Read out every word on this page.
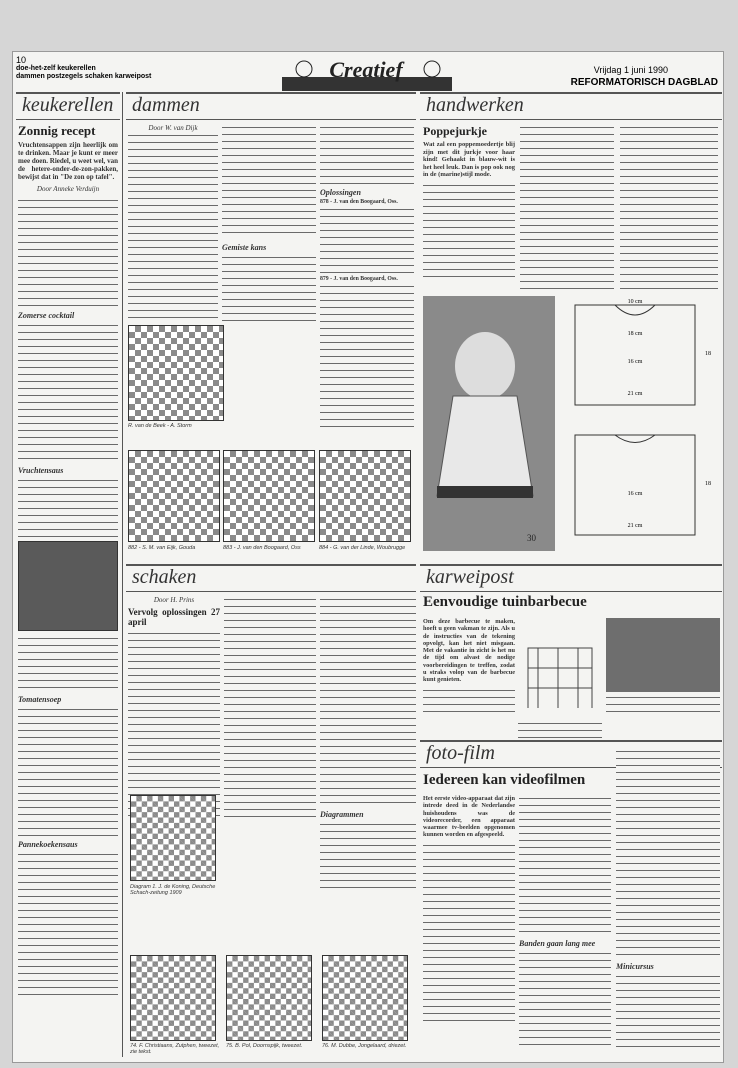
10
doe-het-zelf keukerellen
dammen postzegels schaken karweipost	Creatief	Vrijdag 1 juni 1990
REFORMATORISCH DAGBLAD
keukerellen
Zonnig recept
Vruchtensappen zijn heerlijk om te drinken. Maar je kunt er meer mee doen. Riedel, u weet wel, van de hetere-onder-de-zon-pakken, bewijst dat in "De zon op tafel".
Door Anneke Verduijn
Zomerse cocktail
Vruchtensaus
Tomatensoep
Pannekoekensaus
dammen
Door W. van Dijk
Gemiste kans
Oplossingen
878 - J. van den Boogaard, Oss.
879 - J. van den Boogaard, Oss.
R. van de Beek - A. Storm
882 - S. M. van Eijk, Gouda	883 - J. van den Boogaard, Oss	884 - G. van der Linde, Woubrugge
handwerken
Poppejurkje
Wat zal een poppemoedertje blij zijn met dit jurkje voor haar kind! Gehaakt in blauw-wit is het heel leuk. Dan is pop ook nog in de (marine)stijl mode.
30
10 cm
18 cm
16 cm
21 cm
16 cm
21 cm
18
18
schaken
Door H. Prins
Vervolg oplossingen 27 april
Diagrammen
Diagram 1. J. de Koning, Deutsche Schach-zeitung 1909
74. F. Christiaans, Zutphen, tweezet, zie tekst.
75. B. Pol, Doornspijk, tweezet.	76. M. Dubbe, Jongelaard, driezet.
karweipost
Eenvoudige tuinbarbecue
Om deze barbecue te maken, hoeft u geen vakman te zijn. Als u de instructies van de tekening opvolgt, kan het niet misgaan. Met de vakantie in zicht is het nu de tijd om alvast de nodige voorbereidingen te treffen, zodat u straks volop van de barbecue kunt genieten.
foto-film
Iedereen kan videofilmen
Het eerste video-apparaat dat zijn intrede deed in de Nederlandse huishoudens was de videorecorder, een apparaat waarmee tv-beelden opgenomen kunnen worden en afgespeeld.
Banden gaan lang mee
Minicursus
